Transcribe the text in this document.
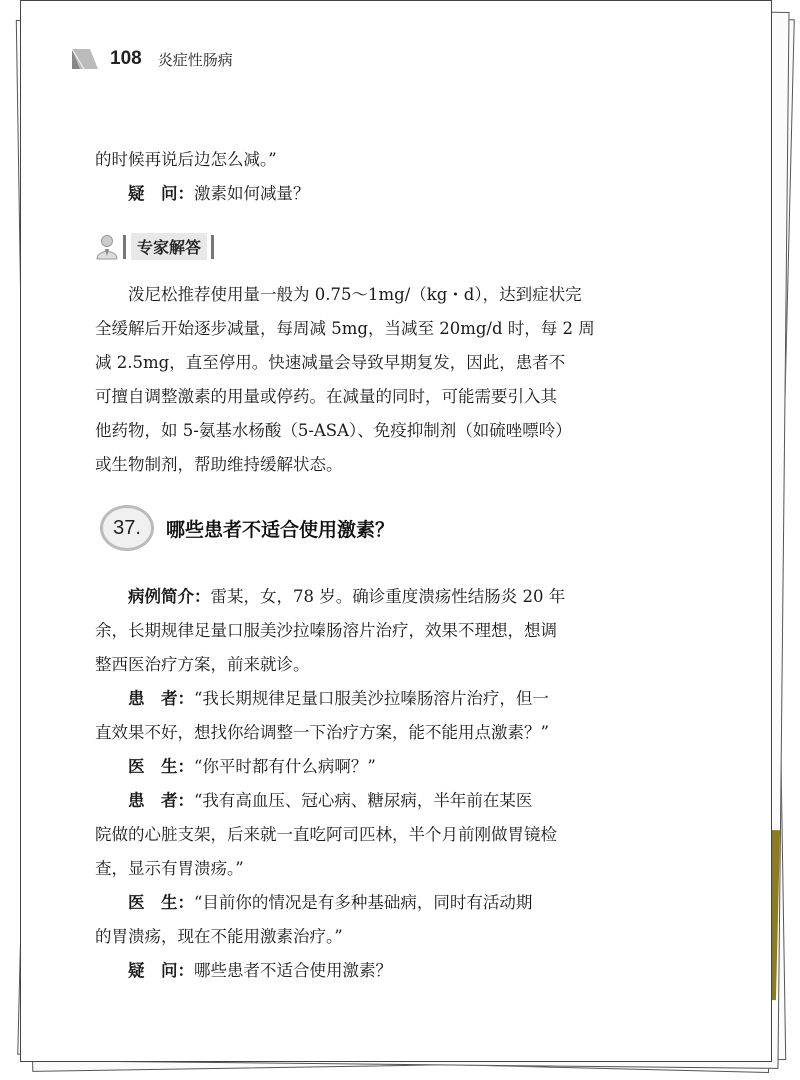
108 炎症性肠病

的时候再说后边怎么减。”

疑　问：激素如何减量？

专家解答

泼尼松推荐使用量一般为 0.75～1mg/（kg・d），达到症状完

全缓解后开始逐步减量，每周减 5mg，当减至 20mg/d 时，每 2 周

减 2.5mg，直至停用。快速减量会导致早期复发，因此，患者不

可擅自调整激素的用量或停药。在减量的同时，可能需要引入其

他药物，如 5-氨基水杨酸（5-ASA）、免疫抑制剂（如硫唑嘌呤）

或生物制剂，帮助维持缓解状态。

37.	哪些患者不适合使用激素？

病例简介：雷某，女，78 岁。确诊重度溃疡性结肠炎 20 年

余，长期规律足量口服美沙拉嗪肠溶片治疗，效果不理想，想调

整西医治疗方案，前来就诊。

患　者：“我长期规律足量口服美沙拉嗪肠溶片治疗，但一

直效果不好，想找你给调整一下治疗方案，能不能用点激素？”

医　生：“你平时都有什么病啊？”

患　者：“我有高血压、冠心病、糖尿病，半年前在某医

院做的心脏支架，后来就一直吃阿司匹林，半个月前刚做胃镜检

查，显示有胃溃疡。”

医　生：“目前你的情况是有多种基础病，同时有活动期

的胃溃疡，现在不能用激素治疗。”

疑　问：哪些患者不适合使用激素？
